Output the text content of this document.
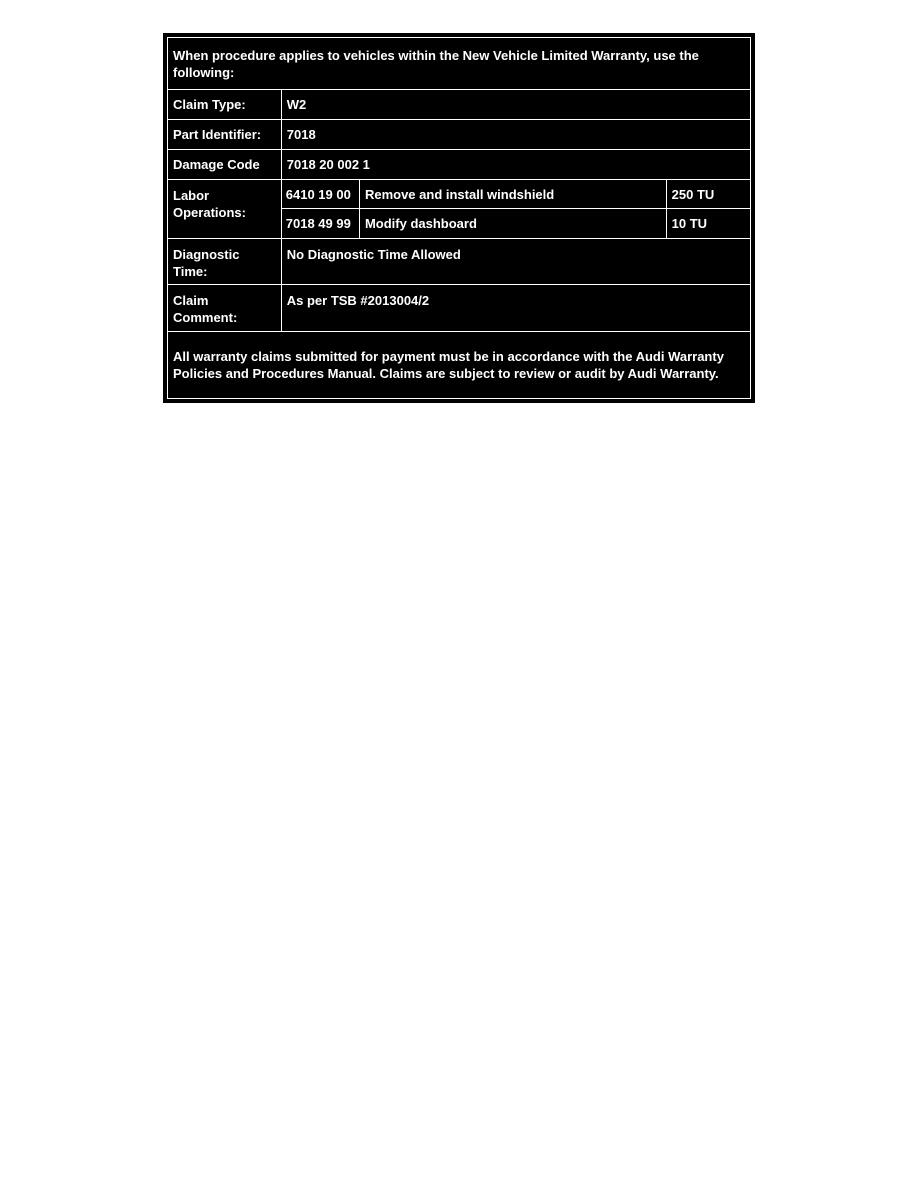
When procedure applies to vehicles within the New Vehicle Limited Warranty, use the following:			
Claim Type:	W2		
Part Identifier:	7018		
Damage Code	7018 20 002 1		
Labor Operations:	6410 19 00	Remove and install windshield	250 TU
	7018 49 99	Modify dashboard	10 TU
Diagnostic Time:	No Diagnostic Time Allowed		
Claim Comment:	As per TSB #2013004/2		
All warranty claims submitted for payment must be in accordance with the Audi Warranty Policies and Procedures Manual. Claims are subject to review or audit by Audi Warranty.			
